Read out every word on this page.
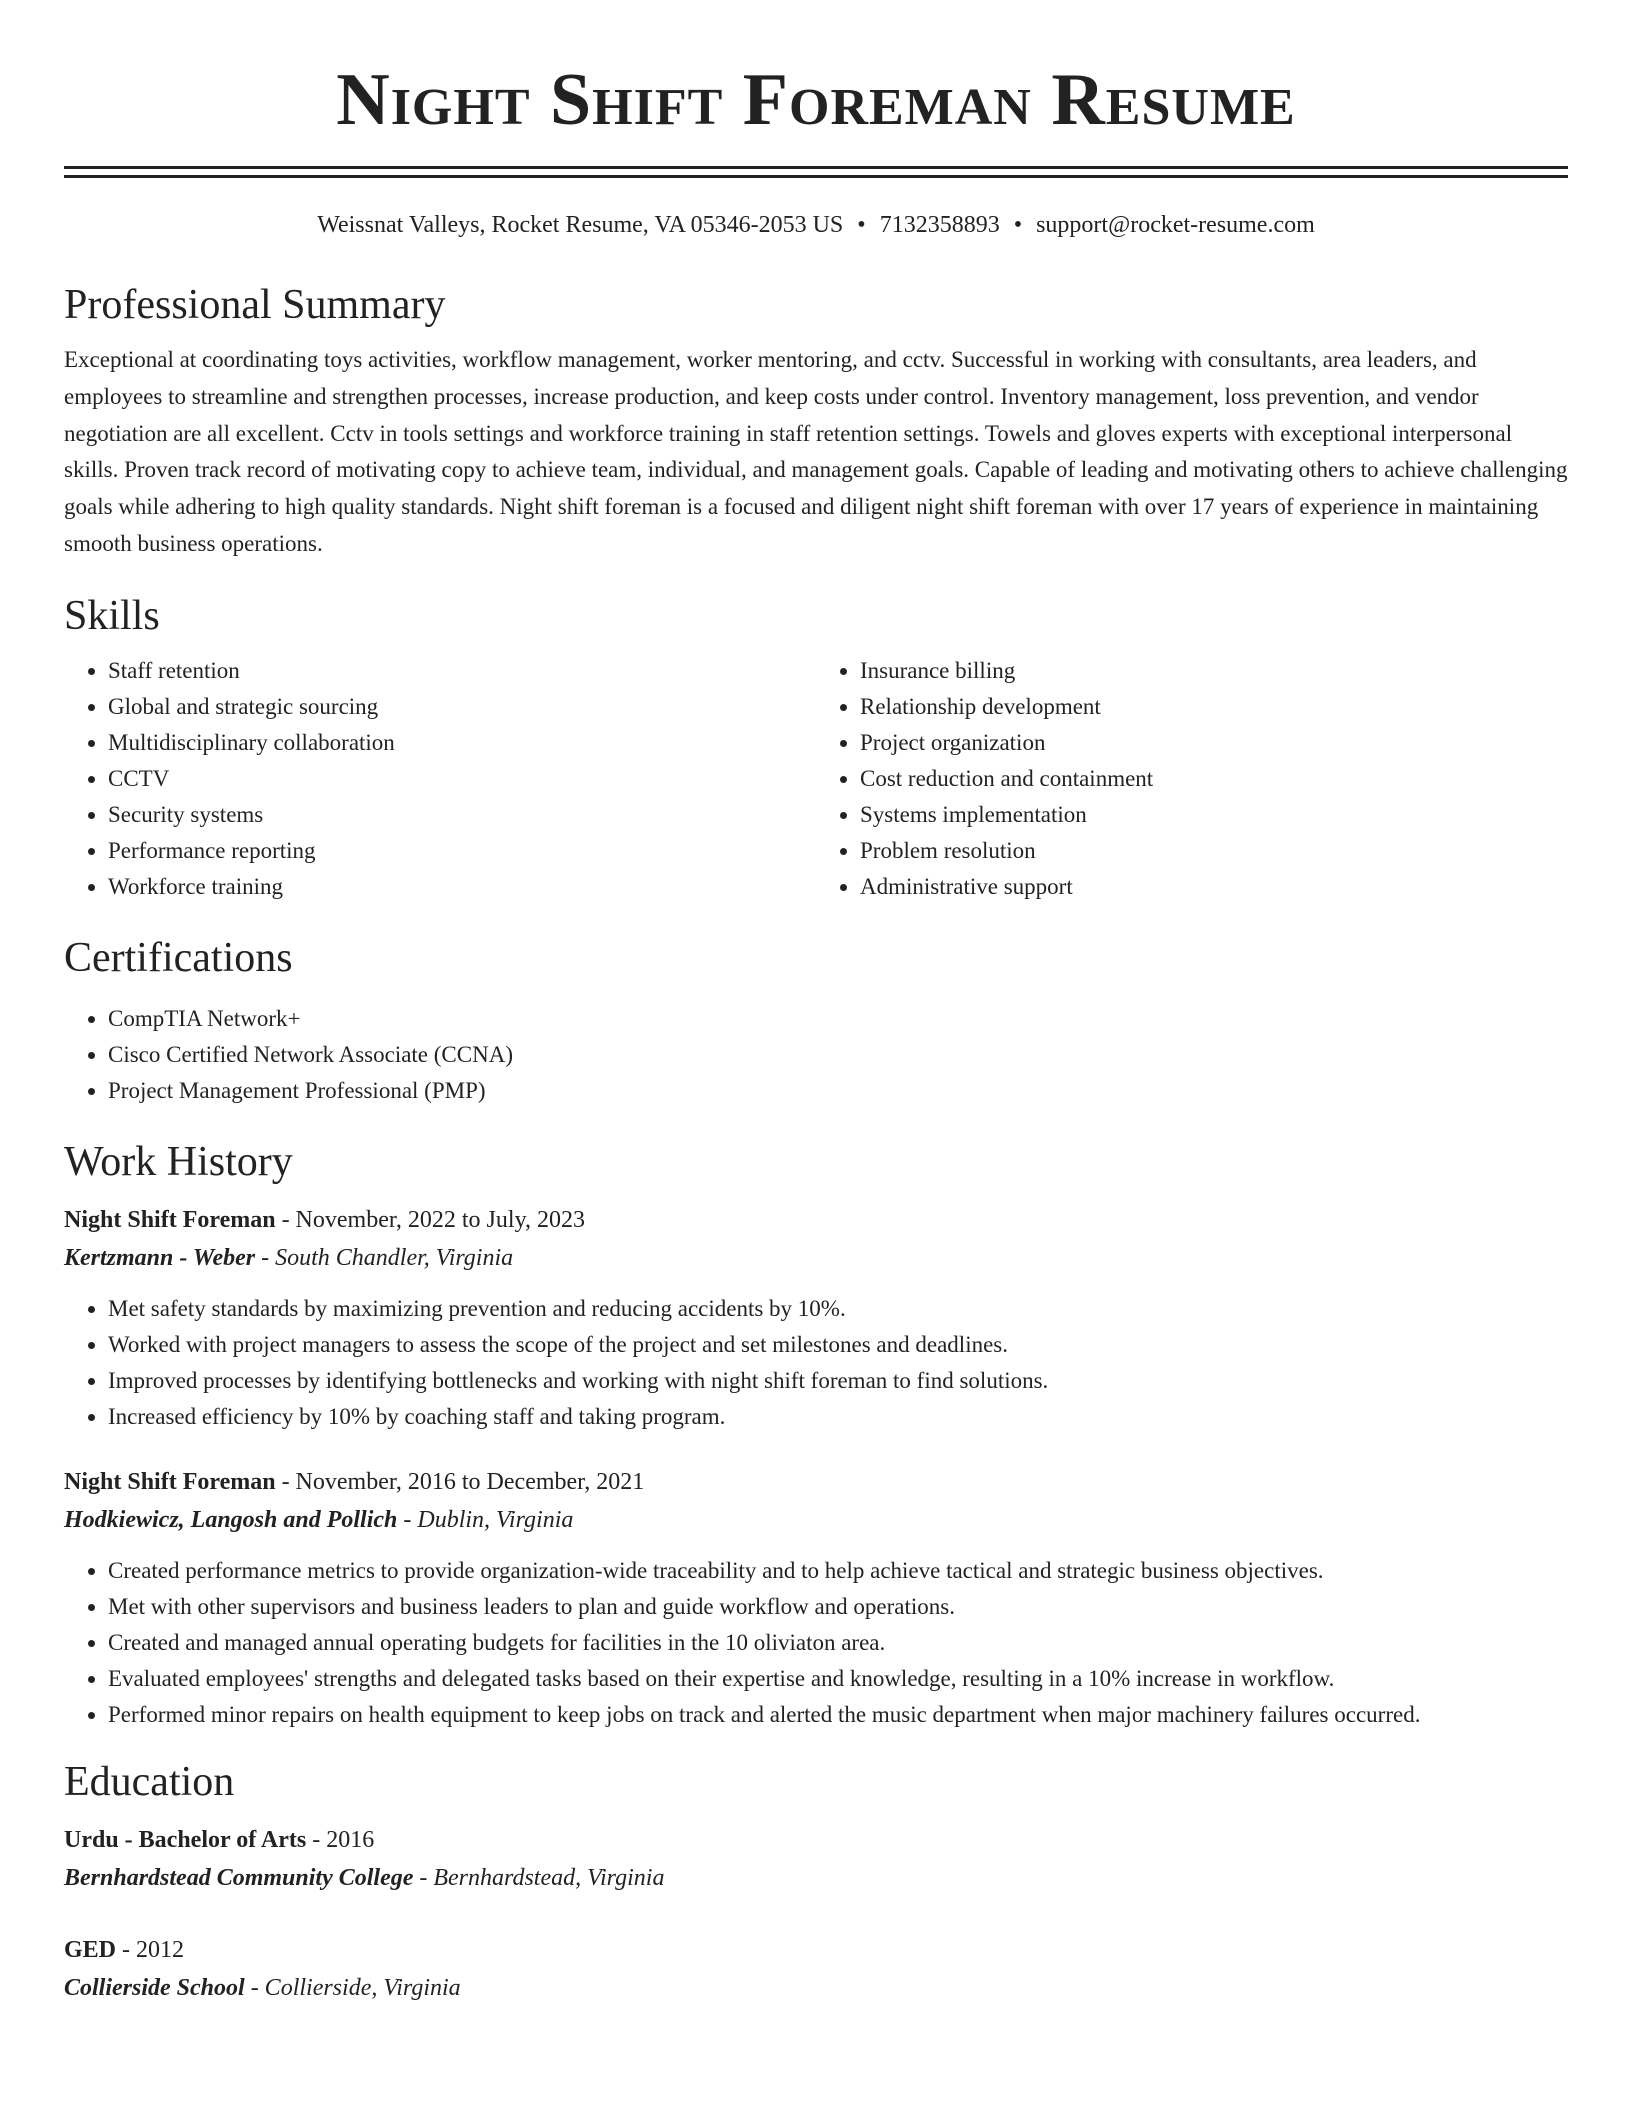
Night Shift Foreman Resume
Weissnat Valleys, Rocket Resume, VA 05346-2053 US • 7132358893 • support@rocket-resume.com
Professional Summary

Exceptional at coordinating toys activities, workflow management, worker mentoring, and cctv. Successful in working with consultants, area leaders, and employees to streamline and strengthen processes, increase production, and keep costs under control. Inventory management, loss prevention, and vendor negotiation are all excellent. Cctv in tools settings and workforce training in staff retention settings. Towels and gloves experts with exceptional interpersonal skills. Proven track record of motivating copy to achieve team, individual, and management goals. Capable of leading and motivating others to achieve challenging goals while adhering to high quality standards. Night shift foreman is a focused and diligent night shift foreman with over 17 years of experience in maintaining smooth business operations.

Skills
• Staff retention
• Global and strategic sourcing
• Multidisciplinary collaboration
• CCTV
• Security systems
• Performance reporting
• Workforce training
• Insurance billing
• Relationship development
• Project organization
• Cost reduction and containment
• Systems implementation
• Problem resolution
• Administrative support
Certifications
• CompTIA Network+
• Cisco Certified Network Associate (CCNA)
• Project Management Professional (PMP)
Work History
Night Shift Foreman - November, 2022 to July, 2023
Kertzmann - Weber - South Chandler, Virginia
• Met safety standards by maximizing prevention and reducing accidents by 10%.
• Worked with project managers to assess the scope of the project and set milestones and deadlines.
• Improved processes by identifying bottlenecks and working with night shift foreman to find solutions.
• Increased efficiency by 10% by coaching staff and taking program.
Night Shift Foreman - November, 2016 to December, 2021
Hodkiewicz, Langosh and Pollich - Dublin, Virginia
• Created performance metrics to provide organization-wide traceability and to help achieve tactical and strategic business objectives.
• Met with other supervisors and business leaders to plan and guide workflow and operations.
• Created and managed annual operating budgets for facilities in the 10 oliviaton area.
• Evaluated employees' strengths and delegated tasks based on their expertise and knowledge, resulting in a 10% increase in workflow.
• Performed minor repairs on health equipment to keep jobs on track and alerted the music department when major machinery failures occurred.
Education
Urdu - Bachelor of Arts - 2016
Bernhardstead Community College - Bernhardstead, Virginia
GED - 2012
Collierside School - Collierside, Virginia
